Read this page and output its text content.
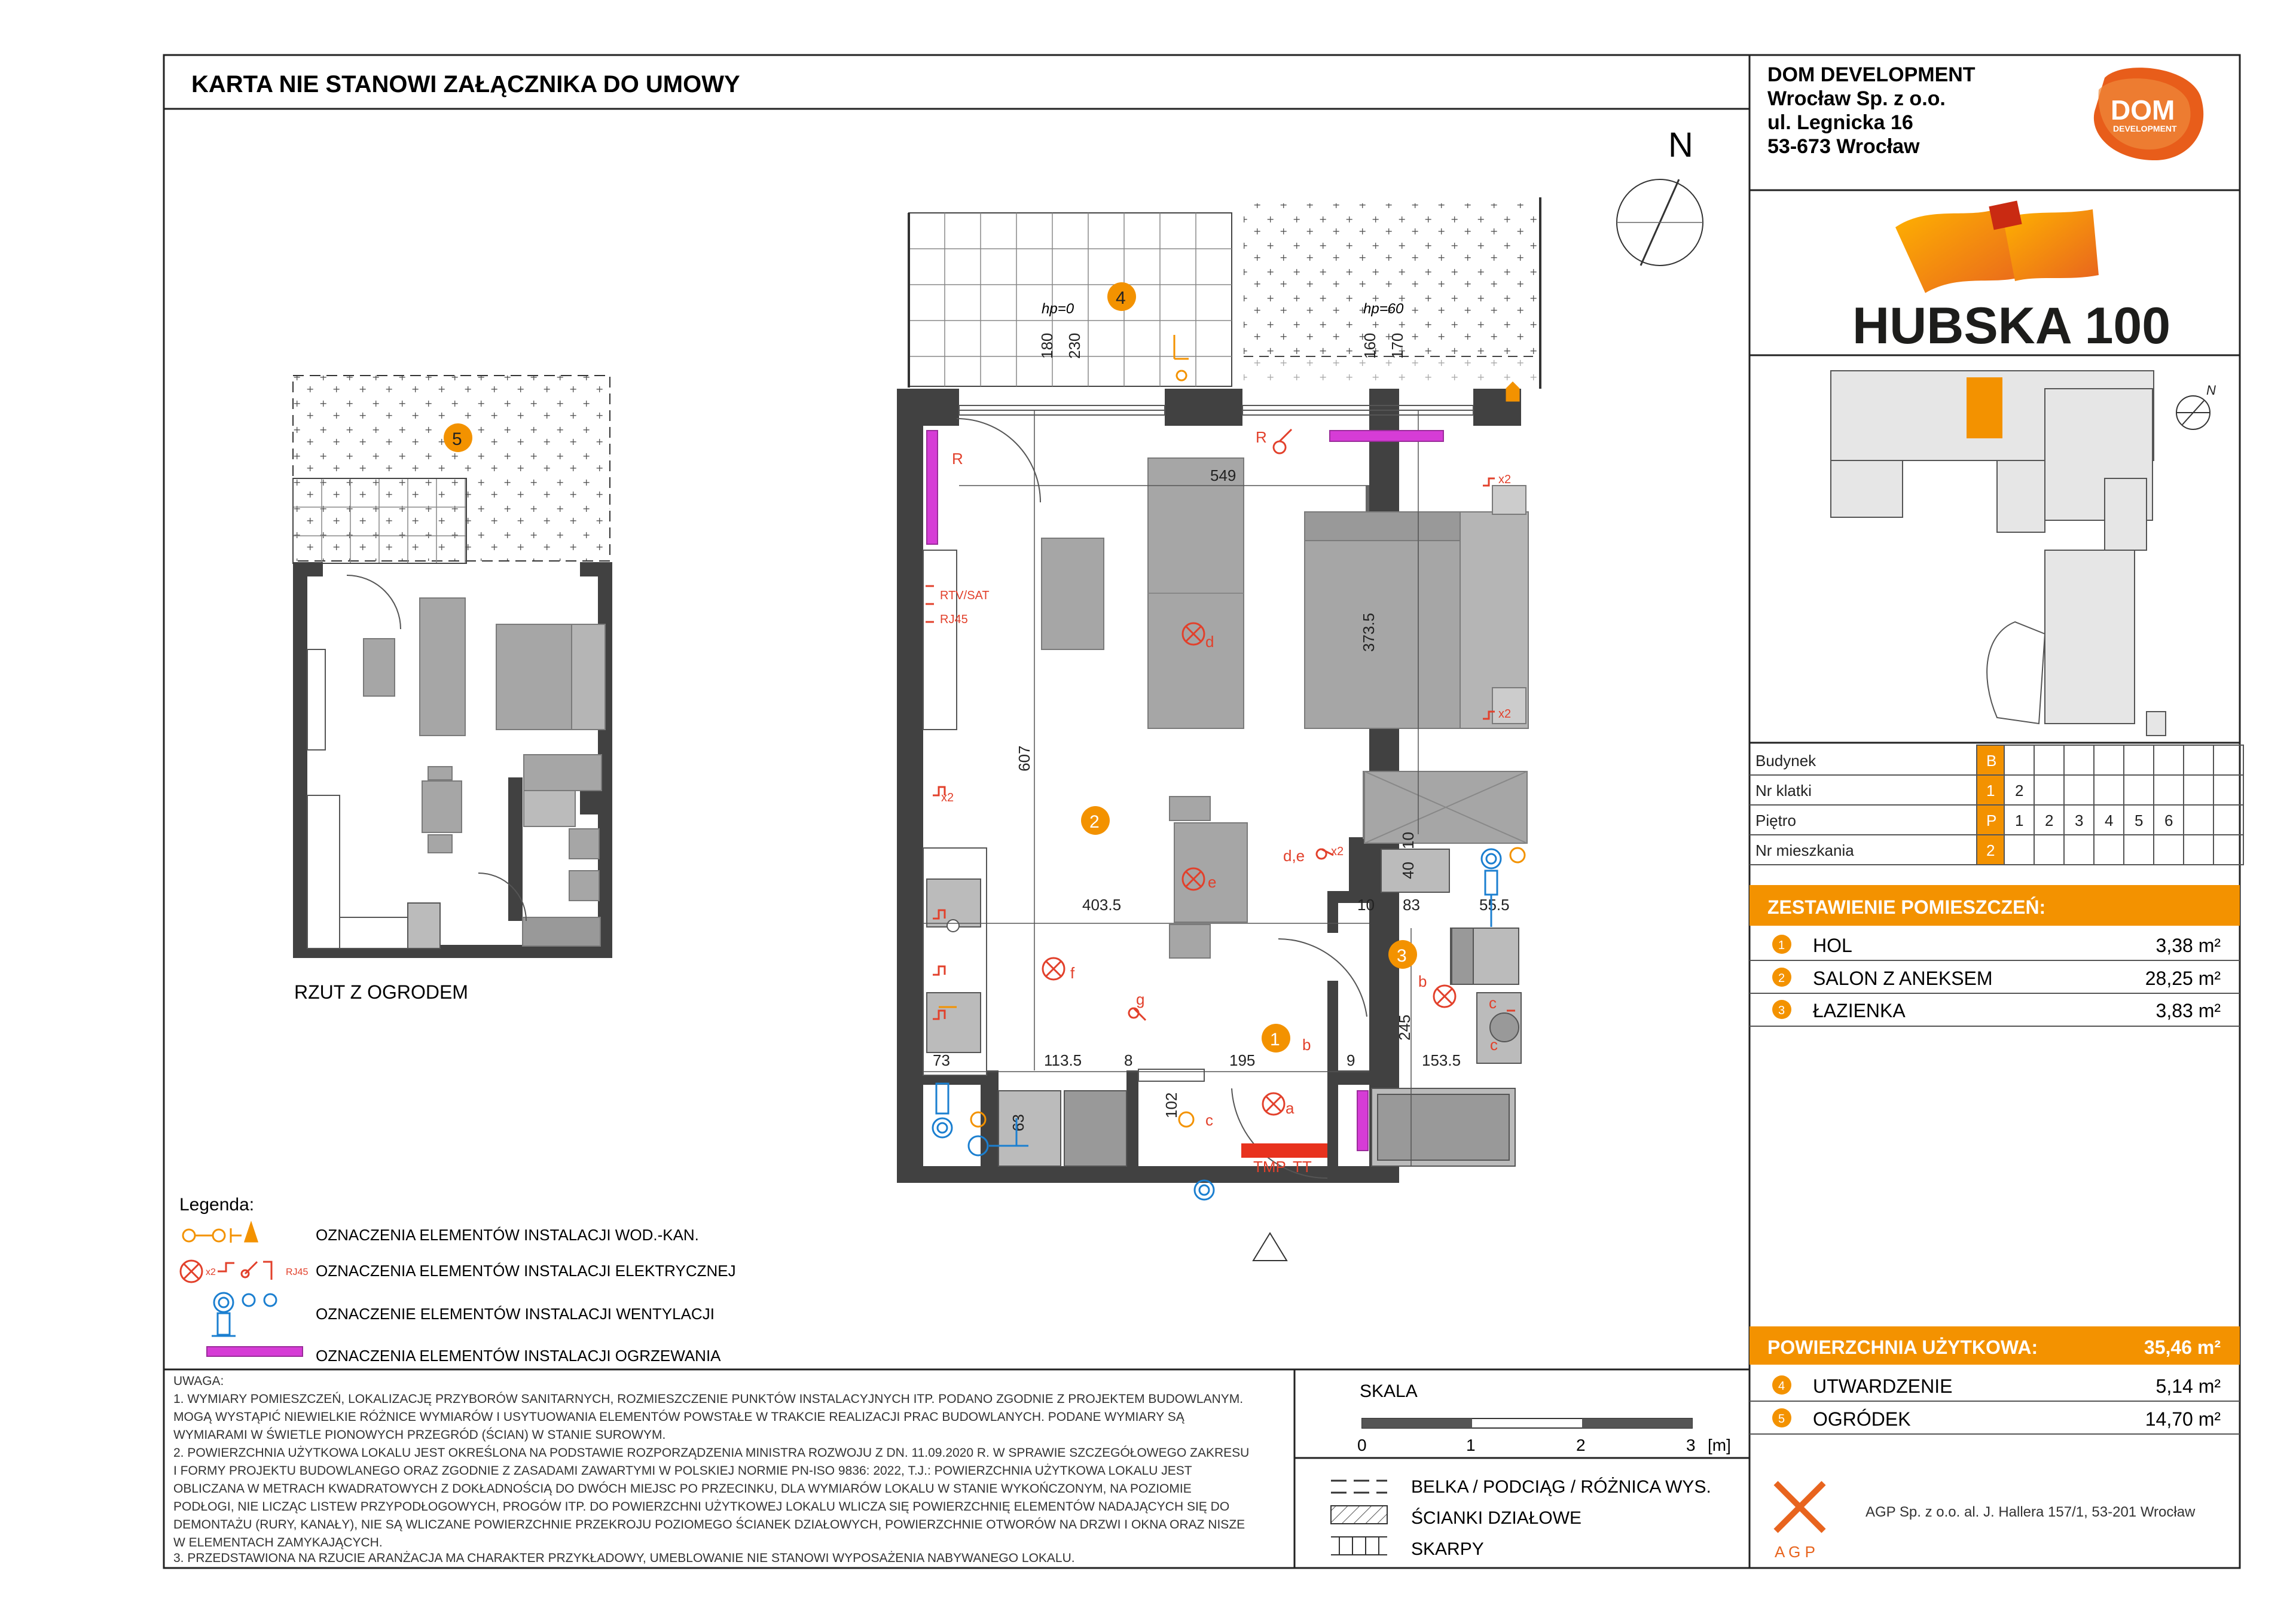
KARTA NIE STANOWI ZAŁĄCZNIKA DO UMOWY	DOM DEVELOPMENT
Wrocław Sp. z o.o.
ul. Legnicka 16
53-673 Wrocław
DOM
DEVELOPMENT
HUBSKA 100
N
Budynek	B
Nr klatki	1 2
Piętro	P 1 2 3 4 5 6
Nr mieszkania	2
ZESTAWIENIE POMIESZCZEŃ:
1 HOL	3,38 m²
2 SALON Z ANEKSEM	28,25 m²
3 ŁAZIENKA	3,83 m²
POWIERZCHNIA UŻYTKOWA:	35,46 m²
4 UTWARDZENIE	5,14 m²
5 OGRÓDEK	14,70 m²
A G P
AGP Sp. z o.o. al. J. Hallera 157/1, 53-201 Wrocław
N
180 230	160 170
549
373.5
607
403.5
40
10
10 83	55.5
245
73	113.5	8	195	9	153.5
102
63
hp=0	hp=60
RTV/SAT
RJ45
R
R
x2
x2
x2
x2
d
e
f
g
a
b
c
TMP TT
d,e
b
c
c
4
2
3
1
5
RZUT Z OGRODEM
Legenda:
OZNACZENIA ELEMENTÓW INSTALACJI WOD.-KAN.
x2	RJ45 OZNACZENIA ELEMENTÓW INSTALACJI ELEKTRYCZNEJ
OZNACZENIE ELEMENTÓW INSTALACJI WENTYLACJI
OZNACZENIA ELEMENTÓW INSTALACJI OGRZEWANIA
UWAGA:
1. WYMIARY POMIESZCZEŃ, LOKALIZACJĘ PRZYBORÓW SANITARNYCH, ROZMIESZCZENIE PUNKTÓW INSTALACYJNYCH ITP. PODANO ZGODNIE Z PROJEKTEM BUDOWLANYM.
MOGĄ WYSTĄPIĆ NIEWIELKIE RÓŻNICE WYMIARÓW I USYTUOWANIA ELEMENTÓW POWSTAŁE W TRAKCIE REALIZACJI PRAC BUDOWLANYCH. PODANE WYMIARY SĄ
WYMIARAMI W ŚWIETLE PIONOWYCH PRZEGRÓD (ŚCIAN) W STANIE SUROWYM.
2. POWIERZCHNIA UŻYTKOWA LOKALU JEST OKREŚLONA NA PODSTAWIE ROZPORZĄDZENIA MINISTRA ROZWOJU Z DN. 11.09.2020 R. W SPRAWIE SZCZEGÓŁOWEGO ZAKRESU
I FORMY PROJEKTU BUDOWLANEGO ORAZ ZGODNIE Z ZASADAMI ZAWARTYMI W POLSKIEJ NORMIE PN-ISO 9836: 2022, T.J.: POWIERZCHNIA UŻYTKOWA LOKALU JEST
OBLICZANA W METRACH KWADRATOWYCH Z DOKŁADNOŚCIĄ DO DWÓCH MIEJSC PO PRZECINKU, DLA WYMIARÓW LOKALU W STANIE WYKOŃCZONYM, NA POZIOMIE
PODŁOGI, NIE LICZĄC LISTEW PRZYPODŁOGOWYCH, PROGÓW ITP. DO POWIERZCHNI UŻYTKOWEJ LOKALU WLICZA SIĘ POWIERZCHNIĘ ELEMENTÓW NADAJĄCYCH SIĘ DO
DEMONTAŻU (RURY, KANAŁY), NIE SĄ WLICZANE POWIERZCHNIE PRZEKROJU POZIOMEGO ŚCIANEK DZIAŁOWYCH, POWIERZCHNIE OTWORÓW NA DRZWI I OKNA ORAZ NISZE
W ELEMENTACH ZAMYKAJĄCYCH.
3. PRZEDSTAWIONA NA RZUCIE ARANŻACJA MA CHARAKTER PRZYKŁADOWY, UMEBLOWANIE NIE STANOWI WYPOSAŻENIA NABYWANEGO LOKALU.
SKALA
0	1	2	3 [m]
BELKA / PODCIĄG / RÓŻNICA WYS.
ŚCIANKI DZIAŁOWE
SKARPY
